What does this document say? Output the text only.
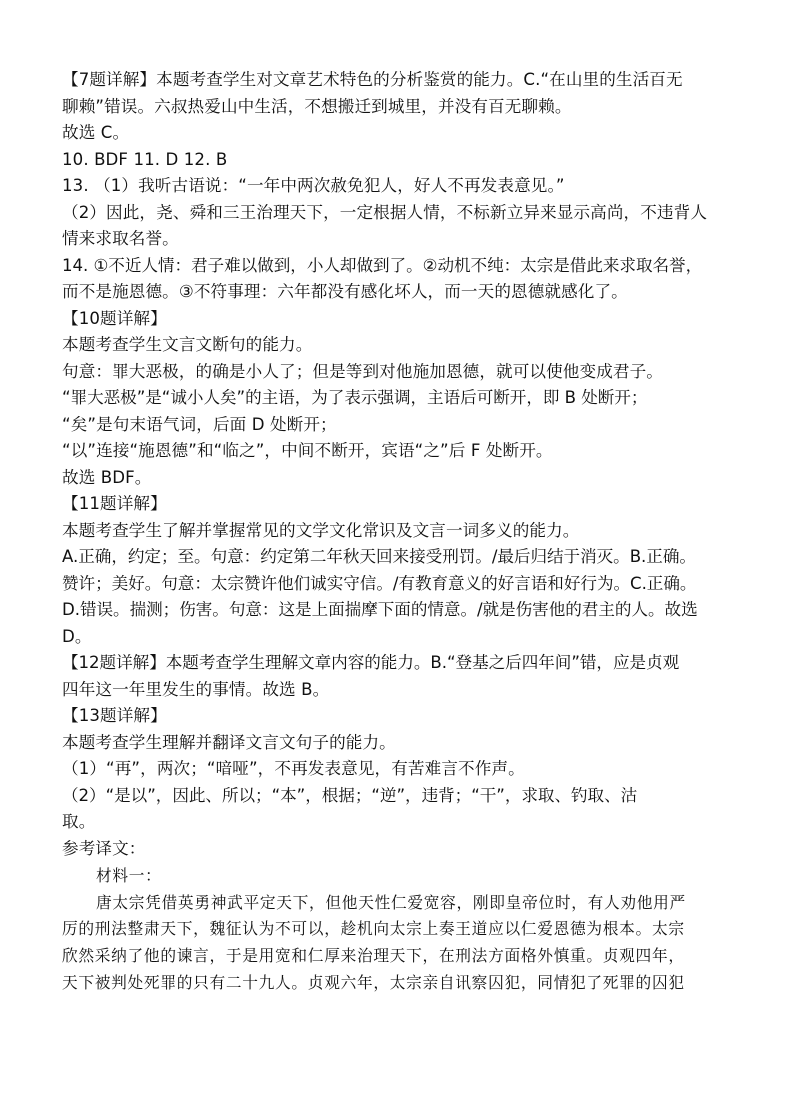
【7题详解】本题考查学生对文章艺术特色的分析鉴赏的能力。C.“在山里的生活百无
聊赖”错误。六叔热爱山中生活，不想搬迁到城里，并没有百无聊赖。
故选 C。
10. BDF 11. D 12. B
13. （1）我听古语说：“一年中两次赦免犯人，好人不再发表意见。”
（2）因此，尧、舜和三王治理天下，一定根据人情，不标新立异来显示高尚，不违背人
情来求取名誉。
14. ①不近人情：君子难以做到，小人却做到了。②动机不纯：太宗是借此来求取名誉，
而不是施恩德。③不符事理：六年都没有感化坏人，而一天的恩德就感化了。
【10题详解】
本题考查学生文言文断句的能力。
句意：罪大恶极，的确是小人了；但是等到对他施加恩德，就可以使他变成君子。
“罪大恶极”是“诚小人矣”的主语，为了表示强调，主语后可断开，即 B 处断开；
“矣”是句末语气词，后面 D 处断开；
“以”连接“施恩德”和“临之”，中间不断开，宾语“之”后 F 处断开。
故选 BDF。
【11题详解】
本题考查学生了解并掌握常见的文学文化常识及文言一词多义的能力。
A.正确，约定；至。句意：约定第二年秋天回来接受刑罚。/最后归结于消灭。B.正确。
赞许；美好。句意：太宗赞许他们诚实守信。/有教育意义的好言语和好行为。C.正确。
D.错误。揣测；伤害。句意：这是上面揣摩下面的情意。/就是伤害他的君主的人。故选
D。
【12题详解】本题考查学生理解文章内容的能力。B.“登基之后四年间”错，应是贞观
四年这一年里发生的事情。故选 B。
【13题详解】
本题考查学生理解并翻译文言文句子的能力。
（1）“再”，两次；“喑哑”，不再发表意见，有苦难言不作声。
（2）“是以”，因此、所以；“本”，根据；“逆”，违背；“干”，求取、钓取、沽
取。
参考译文：
材料一：
唐太宗凭借英勇神武平定天下，但他天性仁爱宽容，刚即皇帝位时，有人劝他用严
厉的刑法整肃天下，魏征认为不可以，趁机向太宗上奏王道应以仁爱恩德为根本。太宗
欣然采纳了他的谏言，于是用宽和仁厚来治理天下，在刑法方面格外慎重。贞观四年，
天下被判处死罪的只有二十九人。贞观六年，太宗亲自讯察囚犯，同情犯了死罪的囚犯
